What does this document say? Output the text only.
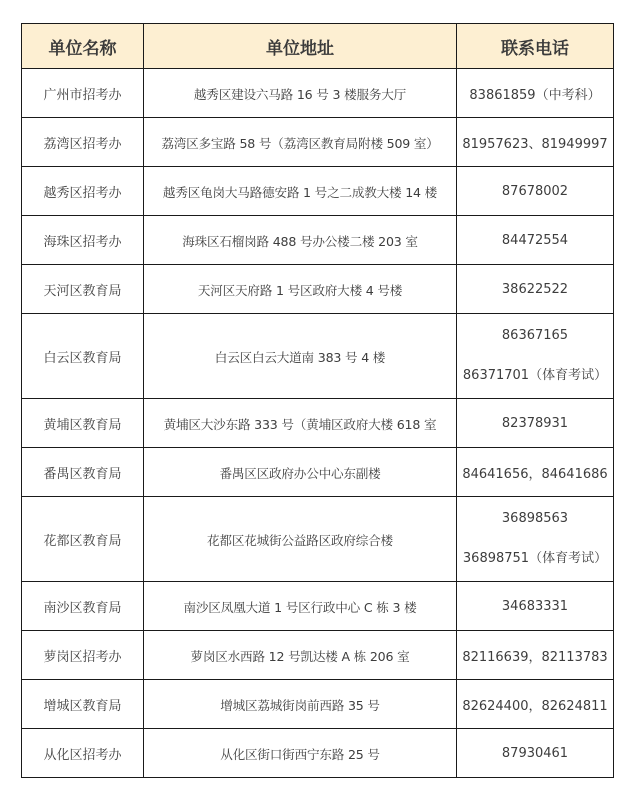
单位名称	单位地址	联系电话
广州市招考办	越秀区建设六马路 16 号 3 楼服务大厅	83861859（中考科）
荔湾区招考办	荔湾区多宝路 58 号（荔湾区教育局附楼 509 室）	81957623、81949997
越秀区招考办	越秀区龟岗大马路德安路 1 号之二成教大楼 14 楼	87678002
海珠区招考办	海珠区石榴岗路 488 号办公楼二楼 203 室	84472554
天河区教育局	天河区天府路 1 号区政府大楼 4 号楼	38622522
白云区教育局	白云区白云大道南 383 号 4 楼	86367165
86371701（体育考试）

黄埔区教育局	黄埔区大沙东路 333 号（黄埔区政府大楼 618 室	82378931
番禺区教育局	番禺区区政府办公中心东副楼	84641656，84641686
花都区教育局	花都区花城街公益路区政府综合楼	36898563
36898751（体育考试）

南沙区教育局	南沙区凤凰大道 1 号区行政中心 C 栋 3 楼	34683331
萝岗区招考办	萝岗区水西路 12 号凯达楼 A 栋 206 室	82116639，82113783
增城区教育局	增城区荔城街岗前西路 35 号	82624400，82624811
从化区招考办	从化区街口街西宁东路 25 号	87930461
